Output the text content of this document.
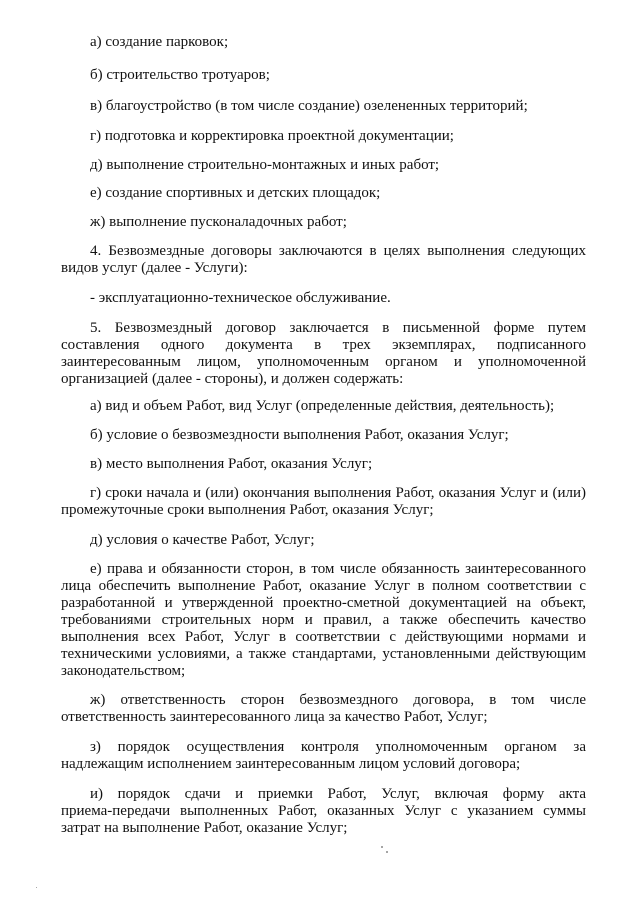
а) создание парковок;
б) строительство тротуаров;
в) благоустройство (в том числе создание) озелененных территорий;
г) подготовка и корректировка проектной документации;
д) выполнение строительно-монтажных и иных работ;
е) создание спортивных и детских площадок;
ж) выполнение пусконаладочных работ;
4. Безвозмездные договоры заключаются в целях выполнения следующих
видов услуг (далее - Услуги):
- эксплуатационно-техническое обслуживание.
5. Безвозмездный договор заключается в письменной форме путем
составления одного документа в трех экземплярах, подписанного
заинтересованным лицом, уполномоченным органом и уполномоченной
организацией (далее - стороны), и должен содержать:
а) вид и объем Работ, вид Услуг (определенные действия, деятельность);
б) условие о безвозмездности выполнения Работ, оказания Услуг;
в) место выполнения Работ, оказания Услуг;
г) сроки начала и (или) окончания выполнения Работ, оказания Услуг и (или)
промежуточные сроки выполнения Работ, оказания Услуг;
д) условия о качестве Работ, Услуг;
е) права и обязанности сторон, в том числе обязанность заинтересованного
лица обеспечить выполнение Работ, оказание Услуг в полном соответствии с
разработанной и утвержденной проектно-сметной документацией на объект,
требованиями строительных норм и правил, а также обеспечить качество
выполнения всех Работ, Услуг в соответствии с действующими нормами и
техническими условиями, а также стандартами, установленными действующим
законодательством;
ж) ответственность сторон безвозмездного договора, в том числе
ответственность заинтересованного лица за качество Работ, Услуг;
з) порядок осуществления контроля уполномоченным органом за
надлежащим исполнением заинтересованным лицом условий договора;
и) порядок сдачи и приемки Работ, Услуг, включая форму акта
приема-передачи выполненных Работ, оказанных Услуг с указанием суммы
затрат на выполнение Работ, оказание Услуг;
